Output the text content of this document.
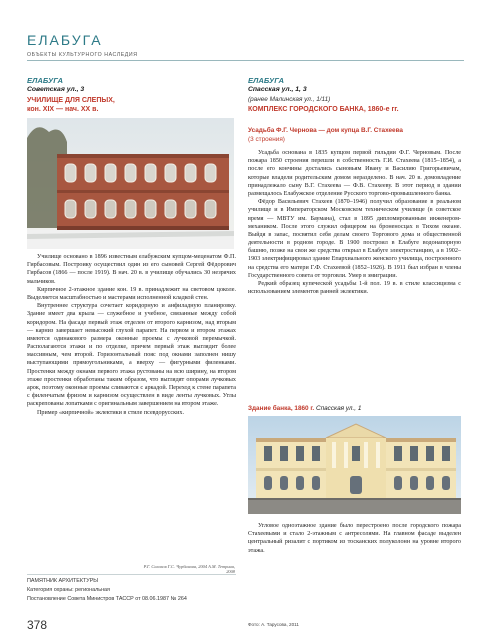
ЕЛАБУГА
ОБЪЕКТЫ КУЛЬТУРНОГО НАСЛЕДИЯ
ЕЛАБУГА
Советская ул., 3
УЧИЛИЩЕ ДЛЯ СЛЕПЫХ,
кон. XIX — нач. XX в.

Училище основано в 1896 известным елабужским купцом-меценатом Ф.П. Гирбасовым. Построику осуществил один из его сыновей Сергей Фёдорович Гирбасов (1866 — после 1919). В нач. 20 в. в училище обучались 30 незрячих мальчиков.

Кирпичное 2-этажное здание кон. 19 в. принадлежит на световом цоколе. Выделяется масштабностью и мастерами исполненной кладкой стен.

Внутреннее структура сочетает коридорную и анфиладную планировку. Здание имеет два крыла — служебное и учебное, связанные между собой коридором. На фасаде первый этаж отделен от второго карнизом, над вторым — карниз завершает невысокий глухой парапет. На первом и втором этажах имеются одинакового размера оконные проемы с лучковой перемычкой. Располагаются этажи и по отделке, причем первый этаж выглядит более массивным, чем второй. Горизонтальный пояс под окнами заполнен нишу выступающими прямоугольниками, а вверху — фигурными филенками. Простенки между окнами первого этажа рустованы на всю ширину, на втором этаже простенки обработаны таким образом, что выглядят опорами лучковых арок, поэтому оконные проемы сливаются с аркадой. Переход к стене парапета с филенчатым фризом и карнизом осуществлен в виде ленты лучковых. Углы раскрепованы лопатками с оригинальным завершением на втором этаже.

Пример «кирпичной» эклектики в стиле псевдорусских.

Р.Г. Салахов Г.С. Чурбанова, 2004 А.М. Тетрина, 2008
ПАМЯТНИК АРХИТЕКТУРЫ
Категория охраны: региональная
Постановление Совета Министров ТАССР от 08.06.1987 № 264
378
ЕЛАБУГА
Спасская ул., 1, 3
(ранее Малинская ул., 1/11)
КОМПЛЕКС ГОРОДСКОГО БАНКА, 1860-е гг.
Усадьба Ф.Г. Чернова — дом купца В.Г. Стахеева
(3 строения)

Усадьба основана в 1835 купцом первой гильдии Ф.Г. Черновым. После пожара 1850 строения перешли в собственность Г.И. Стахеева (1815–1854), а после его кончины достались сыновьям Ивану и Василию Григорьевичам, которые владели родительским домом неразделено. В нач. 20 в. домовладение принадлежало сыну В.Г. Стахеева — Ф.В. Стахееву. В этот период в здании размещалось Елабужское отделение Русского торгово-промышленного банка.

Фёдор Васильевич Стахеев (1870–1946) получил образование в реальном училище и в Императорском Московском техническом училище (в советское время — МВТУ им. Баумана), стал в 1895 дипломированным инженером-механиком. После этого служил офицером на броненосцах в Тихом океане. Выйдя в запас, посвятил себя делам своего Торгового дома и общественной деятельности в родном городе. В 1900 построил в Елабуге водонапорную башню, позже на свои же средства открыл в Елабуге электростанцию, а в 1902–1903 электрифицировал здание Епархиального женского училища, построенного на средства его матери Г.Ф. Стахеевой (1852–1926). В 1911 был избран в члены Государственного совета от торговли. Умер в эмиграции.

Редкий образец купеческой усадьбы 1-й пол. 19 в. в стиле классицизма с использованием элементов ранней эклектики.

Здание банка, 1860 г. Спасская ул., 1

Угловое одноэтажное здание было перестроено после городского пожара Стахеевыми и стало 2-этажным с антресолями. На главном фасаде выделен центральный ризалит с портиком из тосканских полуколонн на уровне второго этажа.

Фото: А. Тарусова, 2011
